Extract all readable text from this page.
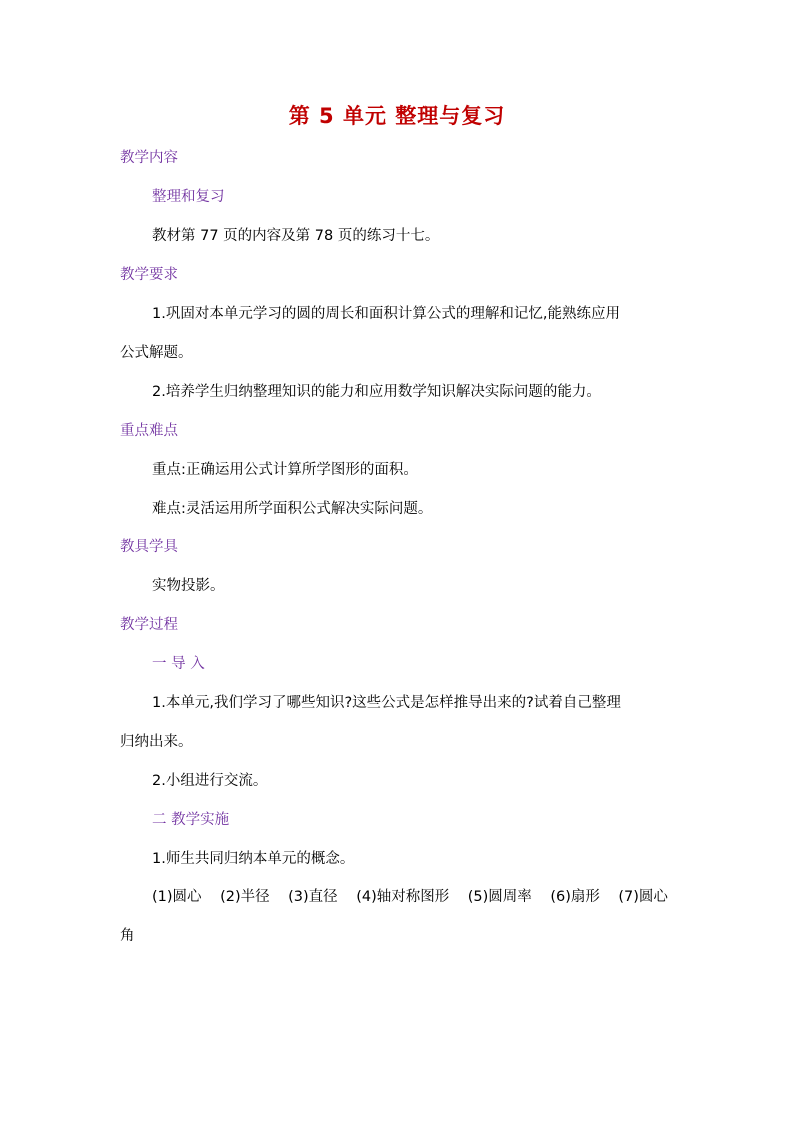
第 5 单元 整理与复习
教学内容
整理和复习
教材第 77 页的内容及第 78 页的练习十七。
教学要求
1.巩固对本单元学习的圆的周长和面积计算公式的理解和记忆,能熟练应用
公式解题。
2.培养学生归纳整理知识的能力和应用数学知识解决实际问题的能力。
重点难点
重点:正确运用公式计算所学图形的面积。
难点:灵活运用所学面积公式解决实际问题。
教具学具
实物投影。
教学过程
一 导 入
1.本单元,我们学习了哪些知识?这些公式是怎样推导出来的?试着自己整理
归纳出来。
2.小组进行交流。
二 教学实施
1.师生共同归纳本单元的概念。
(1)圆心 (2)半径 (3)直径 (4)轴对称图形 (5)圆周率 (6)扇形 (7)圆心
角
